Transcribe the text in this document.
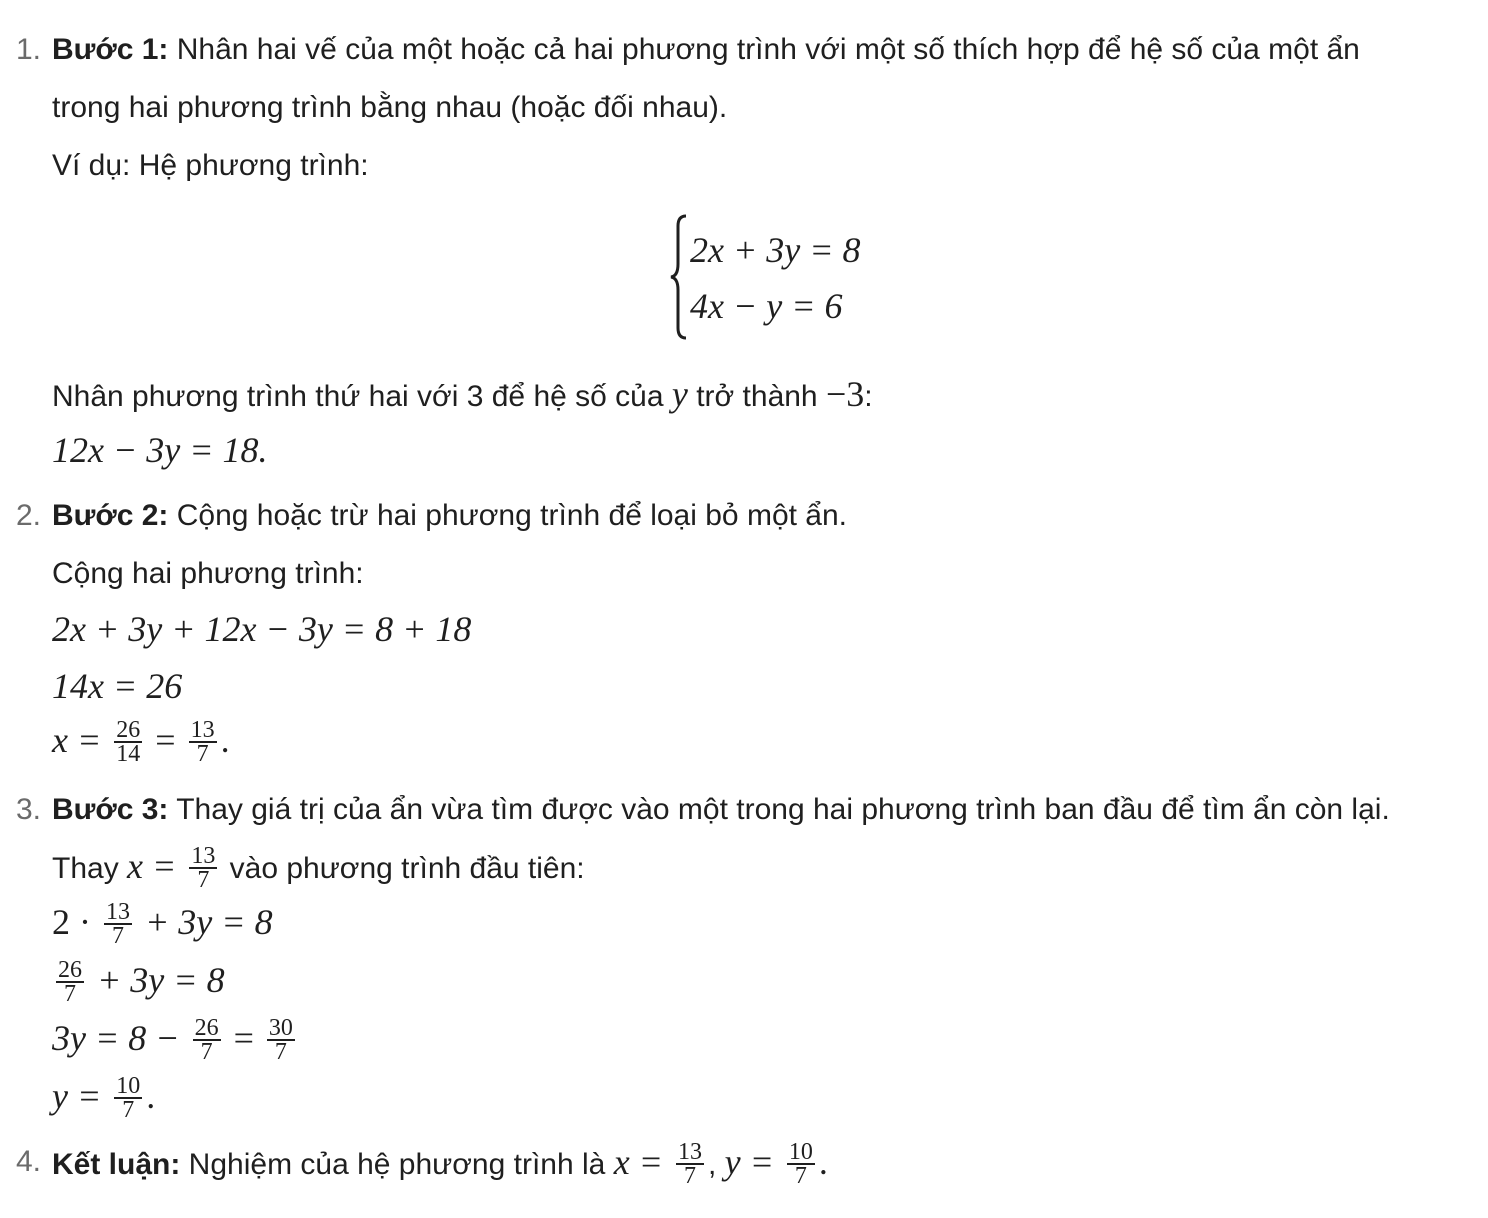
1. Bước 1: Nhân hai vế của một hoặc cả hai phương trình với một số thích hợp để hệ số của một ẩn
trong hai phương trình bằng nhau (hoặc đối nhau).
Ví dụ: Hệ phương trình:
2x + 3y = 8
4x − y = 6
Nhân phương trình thứ hai với 3 để hệ số của y trở thành −3:
12x − 3y = 18.
2. Bước 2: Cộng hoặc trừ hai phương trình để loại bỏ một ẩn.
Cộng hai phương trình:
2x + 3y + 12x − 3y = 8 + 18
14x = 26
$x = \frac{26}{14} = \frac{13}{7}$ .
3. Bước 3: Thay giá trị của ẩn vừa tìm được vào một trong hai phương trình ban đầu để tìm ẩn còn lại.
Thay $x = \frac{13}{7}$ vào phương trình đầu tiên:
$2 \cdot \frac{13}{7} + 3y = 8$
$\frac{26}{7} + 3y = 8$
$3y = 8 - \frac{26}{7} = \frac{30}{7}$
$y = \frac{10}{7}$ .
4. Kết luận: Nghiệm của hệ phương trình là $x = \frac{13}{7}$ , $y = \frac{10}{7}$ .
